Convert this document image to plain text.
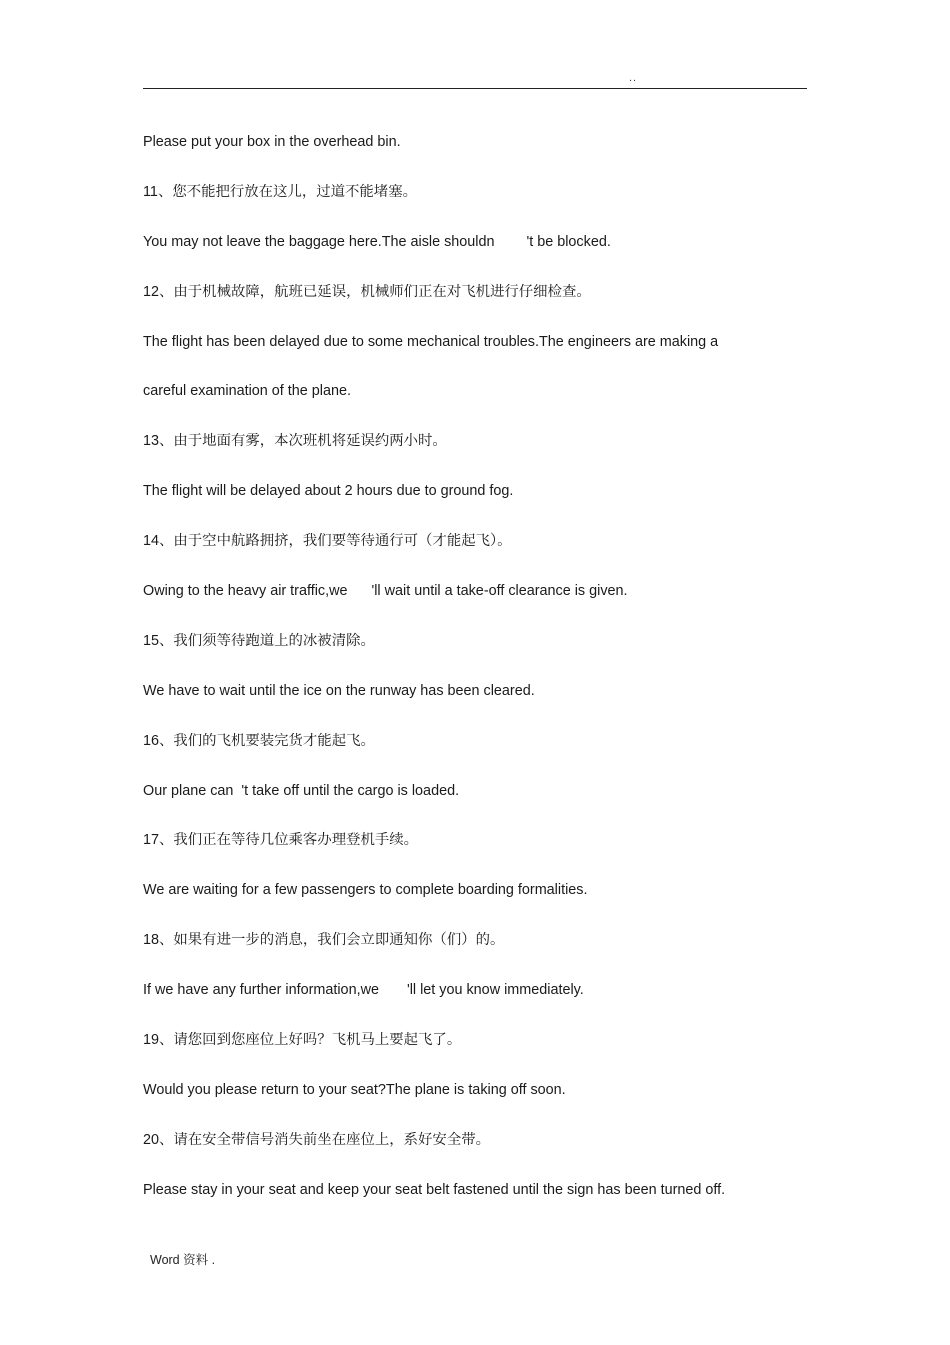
..
Please put your box in the overhead bin.
11、您不能把行放在这儿，过道不能堵塞。
You may not leave the baggage here.The aisle shouldn        't be blocked.
12、由于机械故障，航班已延误，机械师们正在对飞机进行仔细检查。
The flight has been delayed due to some mechanical troubles.The engineers are making a
careful examination of the plane.
13、由于地面有雾，本次班机将延误约两小时。
The flight will be delayed about 2 hours due to ground fog.
14、由于空中航路拥挤，我们要等待通行可（才能起飞）。
Owing to the heavy air traffic,we      'll wait until a take-off clearance is given.
15、我们须等待跑道上的冰被清除。
We have to wait until the ice on the runway has been cleared.
16、我们的飞机要装完货才能起飞。
Our plane can  't take off until the cargo is loaded.
17、我们正在等待几位乘客办理登机手续。
We are waiting for a few passengers to complete boarding formalities.
18、如果有进一步的消息，我们会立即通知你（们）的。
If we have any further information,we       'll let you know immediately.
19、请您回到您座位上好吗？飞机马上要起飞了。
Would you please return to your seat?The plane is taking off soon.
20、请在安全带信号消失前坐在座位上，系好安全带。
Please stay in your seat and keep your seat belt fastened until the sign has been turned off.
Word 资料 .
